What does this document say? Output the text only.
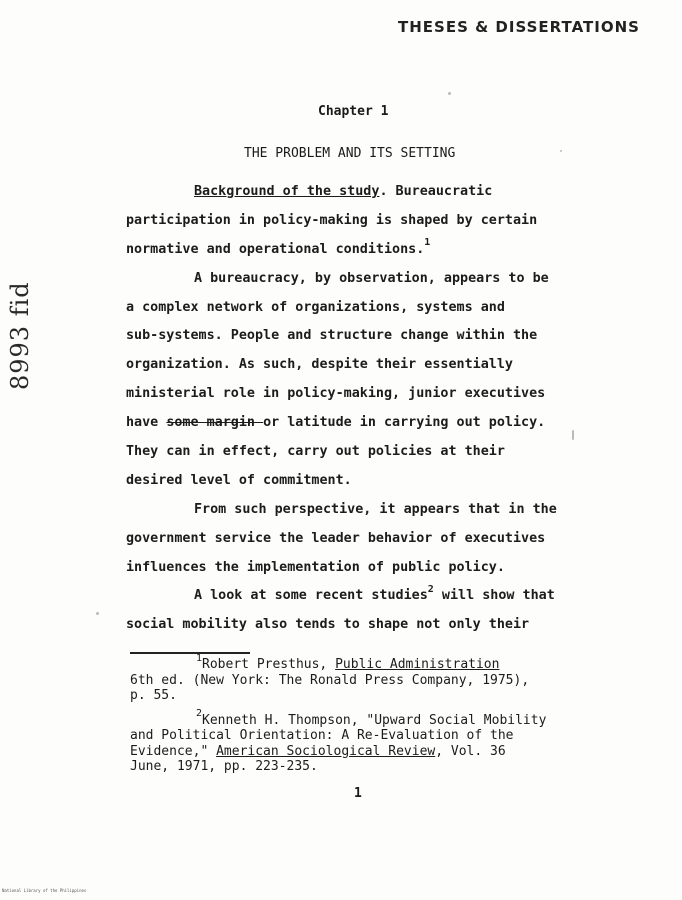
THESES & DISSERTATIONS
Chapter 1
THE PROBLEM AND ITS SETTING
Background of the study. Bureaucratic
participation in policy-making is shaped by certain
normative and operational conditions.$^1$
A bureaucracy, by observation, appears to be
a complex network of organizations, systems and
sub-systems. People and structure change within the
organization. As such, despite their essentially
ministerial role in policy-making, junior executives
have some margin or latitude in carrying out policy.
They can in effect, carry out policies at their
desired level of commitment.
From such perspective, it appears that in the
government service the leader behavior of executives
influences the implementation of public policy.
A look at some recent studies$^2$ will show that
social mobility also tends to shape not only their
$^1$Robert Presthus, Public Administration
6th ed. (New York: The Ronald Press Company, 1975),
p. 55.
$^2$Kenneth H. Thompson, "Upward Social Mobility
and Political Orientation: A Re-Evaluation of the
Evidence," American Sociological Review, Vol. 36
June, 1971, pp. 223-235.
1
8993 fid
National Library of the Philippines
